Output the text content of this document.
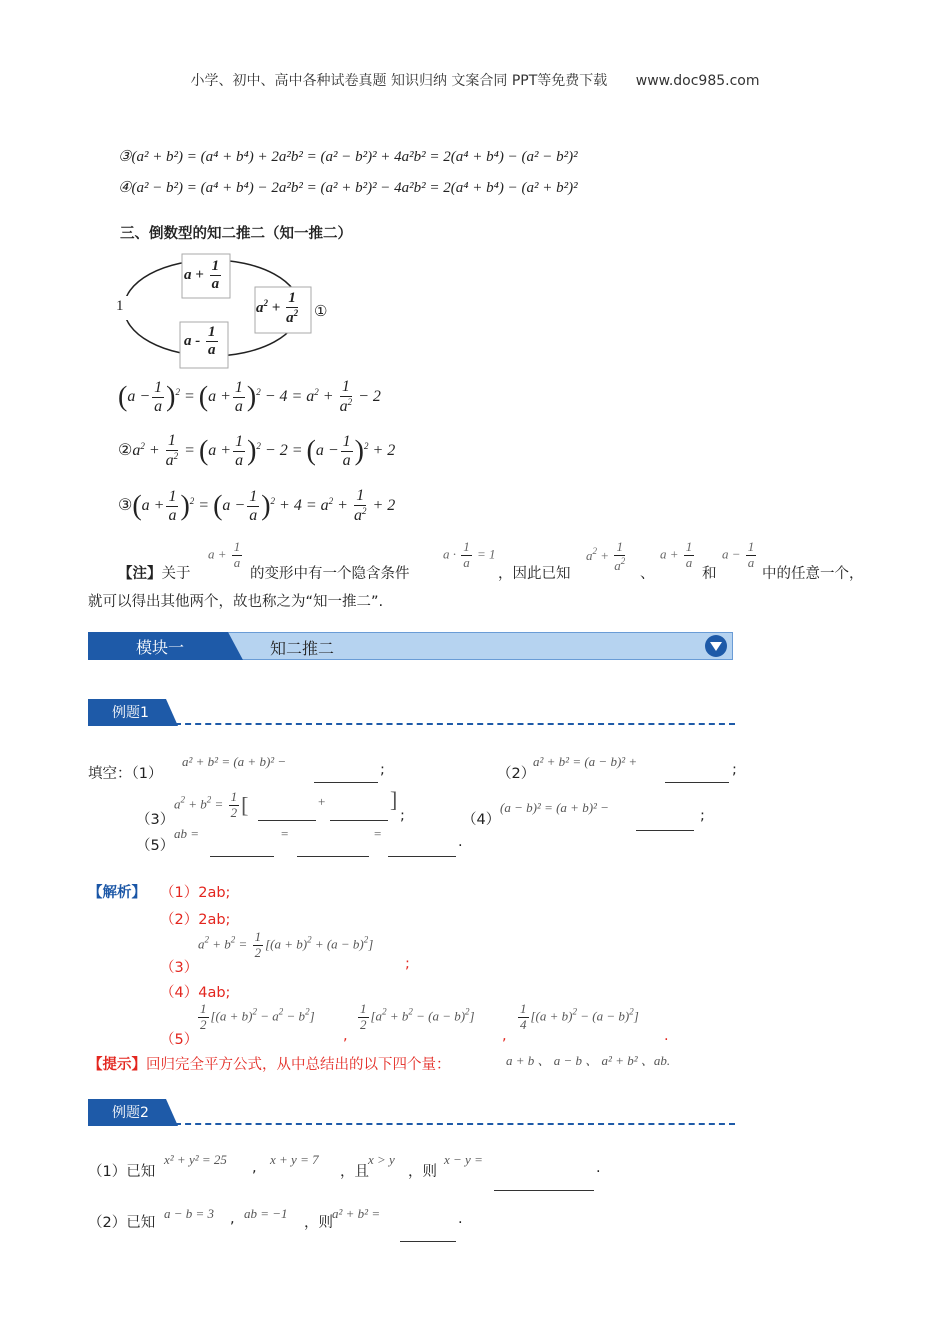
小学、初中、高中各种试卷真题 知识归纳 文案合同 PPT等免费下载 www.doc985.com
③(a² + b²) = (a⁴ + b⁴) + 2a²b² = (a² − b²)² + 4a²b² = 2(a⁴ + b⁴) − (a² − b²)²
④(a² − b²) = (a⁴ + b⁴) − 2a²b² = (a² + b²)² − 4a²b² = 2(a⁴ + b⁴) − (a² + b²)²
三、倒数型的知二推二（知一推二）
1
$a + \frac{1}{a}$
$a^2 + \frac{1}{a^2}$ ①
a - $\frac{1}{a}$
$(a - \frac{1}{a} )^2 = (a + \frac{1}{a} )^2 - 4 = a^2 + \frac{1}{a^2} - 2$
$②a^2 + \frac{1}{a^2} = (a + \frac{1}{a} )^2 - 2 = (a - \frac{1}{a} )^2 + 2$
③(a + $\frac{1}{a} )^2 = (a - \frac{1}{a} )^2 + 4 = a^2 + \frac{1}{a^2} + 2$
【注】关于
$a + \frac{1}{a}$
的变形中有一个隐含条件
$a \cdot \frac{1}{a} = 1$
，因此已知
$a^2 + \frac{1}{a^2}$
、
$a + \frac{1}{a}$
和
$a - \frac{1}{a}$
中的任意一个，
就可以得出其他两个，故也称之为“知一推二”.
模块一	知二推二
例题1
填空：（1）
a² + b² = (a + b)² −
;	（2）
a² + b² = (a − b)² +
;
（3）
$a^2 + b^2 = \frac{1}{2}$ [	+	]
;	（4）
(a − b)² = (a + b)² −
;
（5）
ab =	=	=
.
【解析】 （1）2ab;
（2）2ab;
（3）
$a^2 + b^2 = \frac{1}{2} [(a + b)^2 + (a - b)^2]$
;
（4）4ab;
（5）
$\frac{1}{2} [(a + b)^2 - a^2 - b^2]$
,
$\frac{1}{2} [a^2 + b^2 - (a - b)^2]$
,
$\frac{1}{4} [(a + b)^2 - (a - b)^2]$
.
【提示】回归完全平方公式，从中总结出的以下四个量：	a + b 、 a − b 、 a² + b² 、ab.
例题2
（1）已知
x² + y² = 25
,
x + y = 7
，且
x > y
，则
x − y =
.
（2）已知
a − b = 3 , ab = −1
，则
a² + b² =	.
